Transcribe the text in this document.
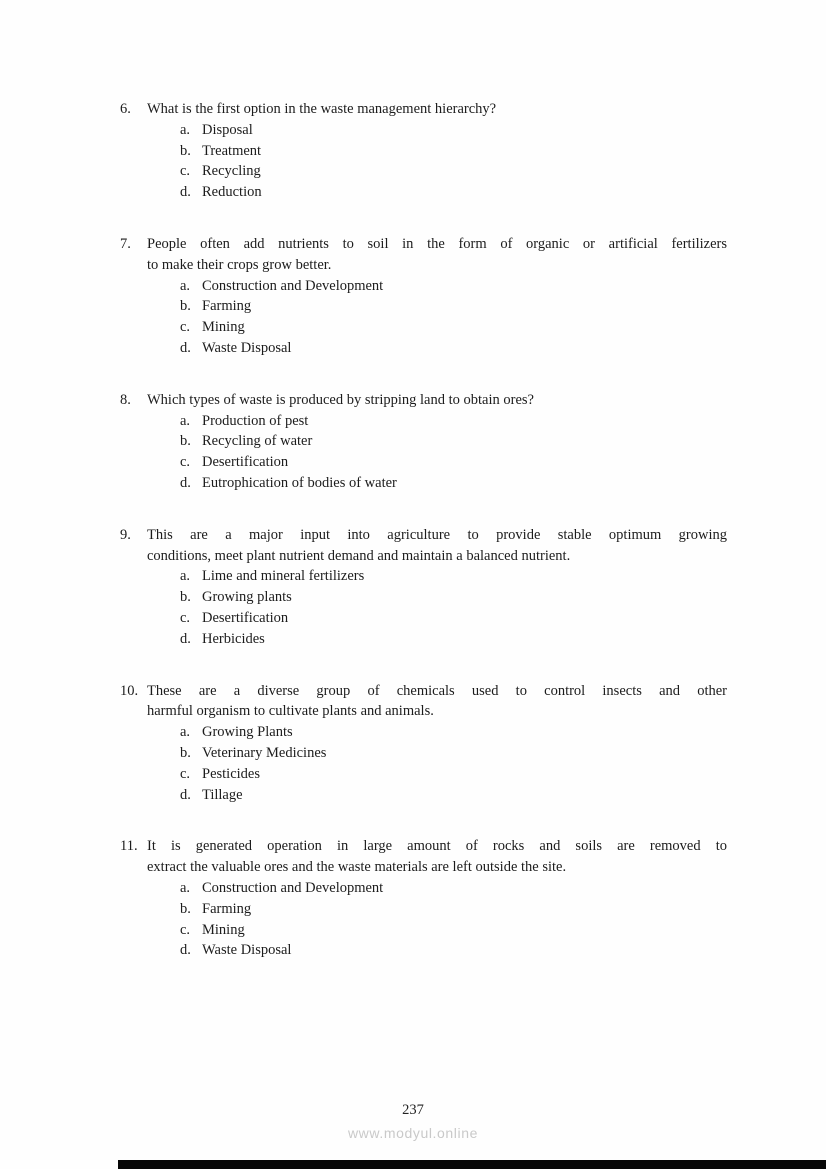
6.	What is the first option in the waste management hierarchy?
a. Disposal
b. Treatment
c. Recycling
d. Reduction
7.	People often add nutrients to soil in the form of organic or artificial fertilizers
to make their crops grow better.
a. Construction and Development
b. Farming
c. Mining
d. Waste Disposal
8.	Which types of waste is produced by stripping land to obtain ores?
a. Production of pest
b. Recycling of water
c. Desertification
d. Eutrophication of bodies of water
9.	This are a major input into agriculture to provide stable optimum growing
conditions, meet plant nutrient demand and maintain a balanced nutrient.
a. Lime and mineral fertilizers
b. Growing plants
c. Desertification
d. Herbicides
10. These are a diverse group of chemicals used to control insects and other
harmful organism to cultivate plants and animals.
a. Growing Plants
b. Veterinary Medicines
c. Pesticides
d. Tillage
11. It is generated operation in large amount of rocks and soils are removed to
extract the valuable ores and the waste materials are left outside the site.
a. Construction and Development
b. Farming
c. Mining
d. Waste Disposal
237
www.modyul.online
